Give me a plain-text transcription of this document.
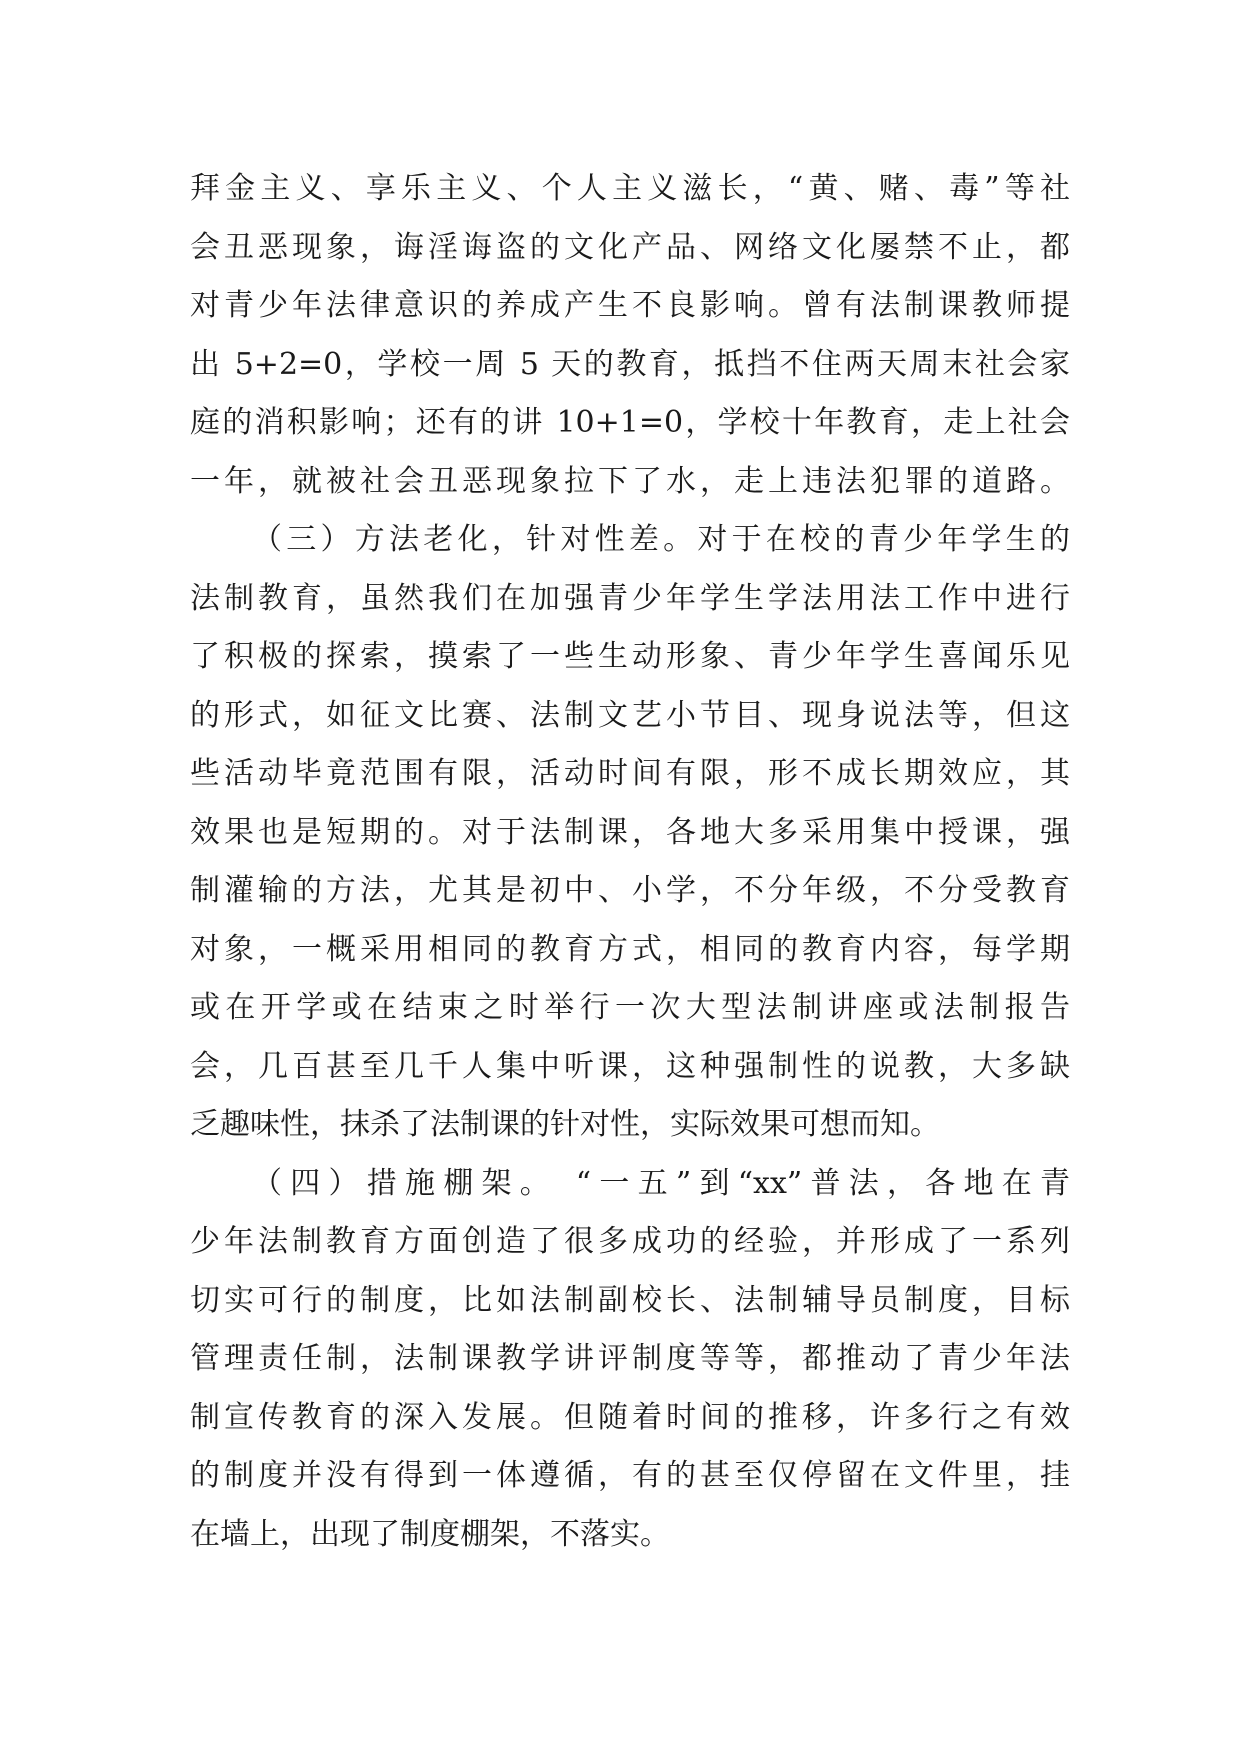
拜金主义、享乐主义、个人主义滋长，“黄、赌、毒”等社
会丑恶现象，诲淫诲盗的文化产品、网络文化屡禁不止，都
对青少年法律意识的养成产生不良影响。曾有法制课教师提
出 5+2=0，学校一周 5 天的教育，抵挡不住两天周末社会家
庭的消积影响；还有的讲 10+1=0，学校十年教育，走上社会
一年，就被社会丑恶现象拉下了水，走上违法犯罪的道路。
（三）方法老化，针对性差。对于在校的青少年学生的
法制教育，虽然我们在加强青少年学生学法用法工作中进行
了积极的探索，摸索了一些生动形象、青少年学生喜闻乐见
的形式，如征文比赛、法制文艺小节目、现身说法等，但这
些活动毕竟范围有限，活动时间有限，形不成长期效应，其
效果也是短期的。对于法制课，各地大多采用集中授课，强
制灌输的方法，尤其是初中、小学，不分年级，不分受教育
对象，一概采用相同的教育方式，相同的教育内容，每学期
或在开学或在结束之时举行一次大型法制讲座或法制报告
会，几百甚至几千人集中听课，这种强制性的说教，大多缺
乏趣味性，抹杀了法制课的针对性，实际效果可想而知。
（四）措施棚架。 “一五”到“xx”普法，各地在青
少年法制教育方面创造了很多成功的经验，并形成了一系列
切实可行的制度，比如法制副校长、法制辅导员制度，目标
管理责任制，法制课教学讲评制度等等，都推动了青少年法
制宣传教育的深入发展。但随着时间的推移，许多行之有效
的制度并没有得到一体遵循，有的甚至仅停留在文件里，挂
在墙上，出现了制度棚架，不落实。
